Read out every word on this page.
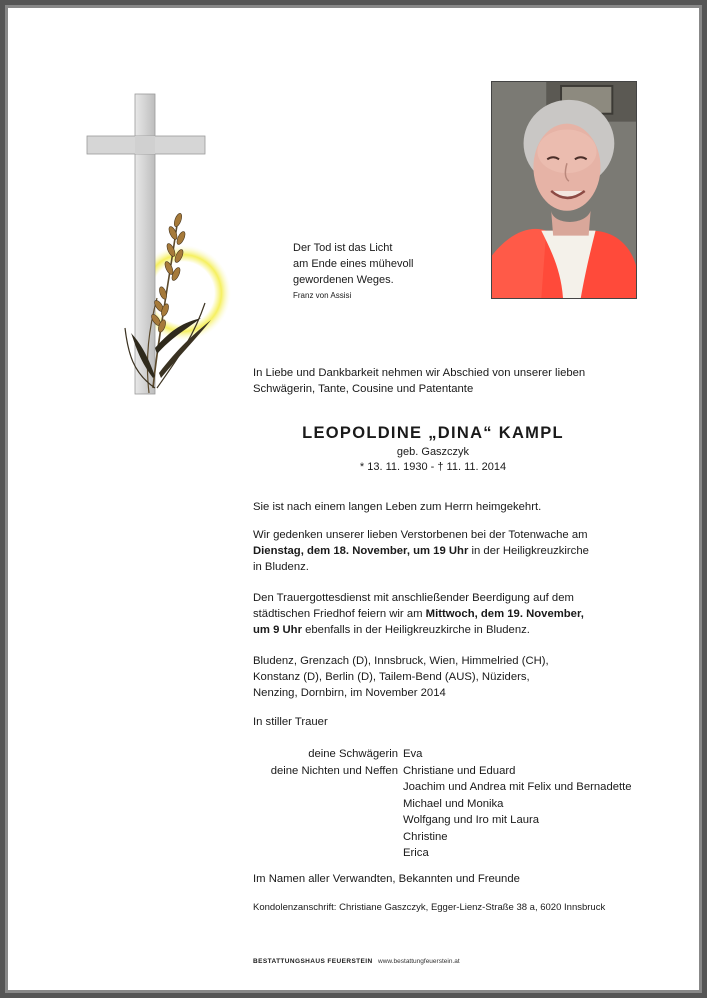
Der Tod ist das Licht
am Ende eines mühevoll
gewordenen Weges.
Franz von Assisi
In Liebe und Dankbarkeit nehmen wir Abschied von unserer lieben
Schwägerin, Tante, Cousine und Patentante
LEOPOLDINE „DINA“ KAMPL
geb. Gaszczyk
* 13. 11. 1930 - † 11. 11. 2014
Sie ist nach einem langen Leben zum Herrn heimgekehrt.
Wir gedenken unserer lieben Verstorbenen bei der Totenwache am
Dienstag, dem 18. November, um 19 Uhr in der Heiligkreuzkirche
in Bludenz.
Den Trauergottesdienst mit anschließender Beerdigung auf dem
städtischen Friedhof feiern wir am Mittwoch, dem 19. November,
um 9 Uhr ebenfalls in der Heiligkreuzkirche in Bludenz.
Bludenz, Grenzach (D), Innsbruck, Wien, Himmelried (CH),
Konstanz (D), Berlin (D), Tailem-Bend (AUS), Nüziders,
Nenzing, Dornbirn, im November 2014
In stiller Trauer
deine Schwägerin
deine Nichten und Neffen
Eva
Christiane und Eduard
Joachim und Andrea mit Felix und Bernadette
Michael und Monika
Wolfgang und Iro mit Laura
Christine
Erica
Im Namen aller Verwandten, Bekannten und Freunde
Kondolenzanschrift: Christiane Gaszczyk, Egger-Lienz-Straße 38 a, 6020 Innsbruck
BESTATTUNGSHAUS FEUERSTEIN www.bestattungfeuerstein.at
